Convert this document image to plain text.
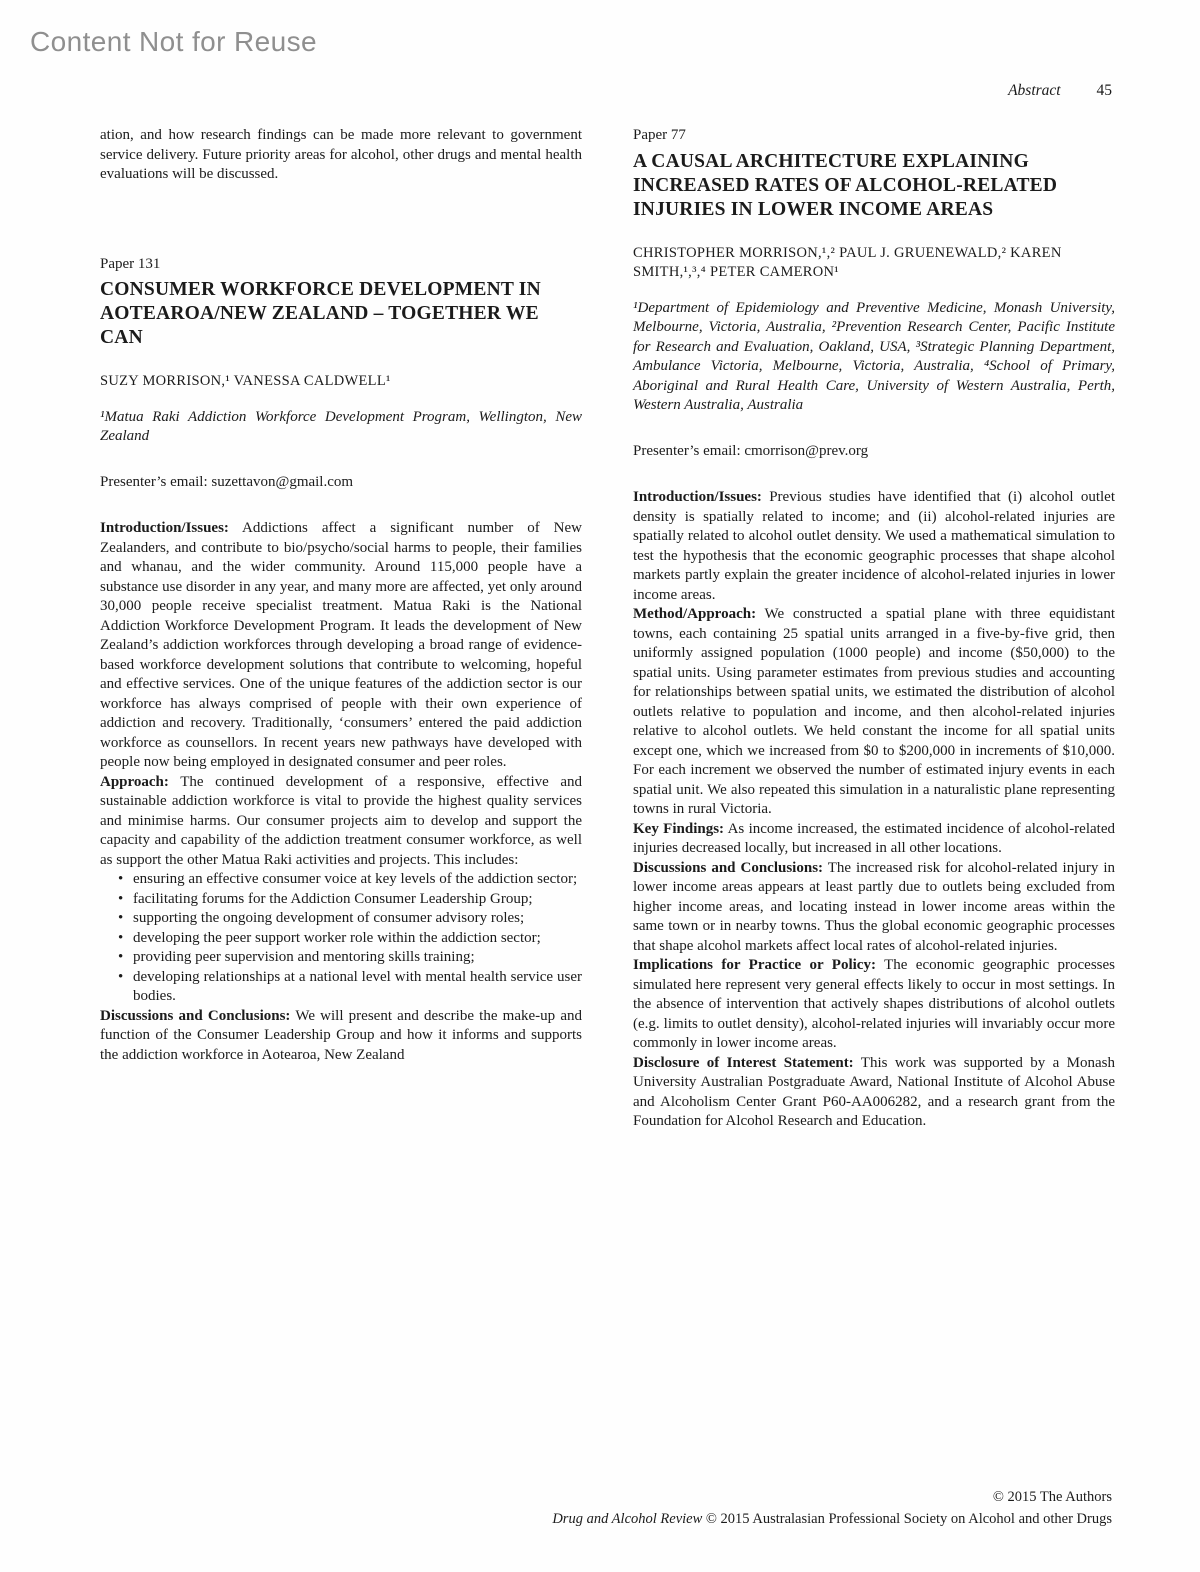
Content Not for Reuse
Abstract 45

ation, and how research findings can be made more relevant to government service delivery. Future priority areas for alcohol, other drugs and mental health evaluations will be discussed.

Paper 131
CONSUMER WORKFORCE DEVELOPMENT IN AOTEAROA/NEW ZEALAND – TOGETHER WE CAN
SUZY MORRISON,¹ VANESSA CALDWELL¹
¹Matua Raki Addiction Workforce Development Program, Wellington, New Zealand
Presenter’s email: suzettavon@gmail.com

Introduction/Issues: Addictions affect a significant number of New Zealanders, and contribute to bio/psycho/social harms to people, their families and whanau, and the wider community. Around 115,000 people have a substance use disorder in any year, and many more are affected, yet only around 30,000 people receive specialist treatment. Matua Raki is the National Addiction Workforce Development Program. It leads the development of New Zealand’s addiction workforces through developing a broad range of evidence-based workforce development solutions that contribute to welcoming, hopeful and effective services. One of the unique features of the addiction sector is our workforce has always comprised of people with their own experience of addiction and recovery. Traditionally, ‘consumers’ entered the paid addiction workforce as counsellors. In recent years new pathways have developed with people now being employed in designated consumer and peer roles.

Approach: The continued development of a responsive, effective and sustainable addiction workforce is vital to provide the highest quality services and minimise harms. Our consumer projects aim to develop and support the capacity and capability of the addiction treatment consumer workforce, as well as support the other Matua Raki activities and projects. This includes:

• ensuring an effective consumer voice at key levels of the addiction sector;
• facilitating forums for the Addiction Consumer Leadership Group;
• supporting the ongoing development of consumer advisory roles;
• developing the peer support worker role within the addiction sector;
• providing peer supervision and mentoring skills training;
• developing relationships at a national level with mental health service user bodies.

Discussions and Conclusions: We will present and describe the make-up and function of the Consumer Leadership Group and how it informs and supports the addiction workforce in Aotearoa, New Zealand

Paper 77
A CAUSAL ARCHITECTURE EXPLAINING INCREASED RATES OF ALCOHOL-RELATED INJURIES IN LOWER INCOME AREAS
CHRISTOPHER MORRISON,¹,² PAUL J. GRUENEWALD,² KAREN SMITH,¹,³,⁴ PETER CAMERON¹
¹Department of Epidemiology and Preventive Medicine, Monash University, Melbourne, Victoria, Australia, ²Prevention Research Center, Pacific Institute for Research and Evaluation, Oakland, USA, ³Strategic Planning Department, Ambulance Victoria, Melbourne, Victoria, Australia, ⁴School of Primary, Aboriginal and Rural Health Care, University of Western Australia, Perth, Western Australia, Australia
Presenter’s email: cmorrison@prev.org

Introduction/Issues: Previous studies have identified that (i) alcohol outlet density is spatially related to income; and (ii) alcohol-related injuries are spatially related to alcohol outlet density. We used a mathematical simulation to test the hypothesis that the economic geographic processes that shape alcohol markets partly explain the greater incidence of alcohol-related injuries in lower income areas.

Method/Approach: We constructed a spatial plane with three equidistant towns, each containing 25 spatial units arranged in a five-by-five grid, then uniformly assigned population (1000 people) and income ($50,000) to the spatial units. Using parameter estimates from previous studies and accounting for relationships between spatial units, we estimated the distribution of alcohol outlets relative to population and income, and then alcohol-related injuries relative to alcohol outlets. We held constant the income for all spatial units except one, which we increased from $0 to $200,000 in increments of $10,000. For each increment we observed the number of estimated injury events in each spatial unit. We also repeated this simulation in a naturalistic plane representing towns in rural Victoria.

Key Findings: As income increased, the estimated incidence of alcohol-related injuries decreased locally, but increased in all other locations.

Discussions and Conclusions: The increased risk for alcohol-related injury in lower income areas appears at least partly due to outlets being excluded from higher income areas, and locating instead in lower income areas within the same town or in nearby towns. Thus the global economic geographic processes that shape alcohol markets affect local rates of alcohol-related injuries.

Implications for Practice or Policy: The economic geographic processes simulated here represent very general effects likely to occur in most settings. In the absence of intervention that actively shapes distributions of alcohol outlets (e.g. limits to outlet density), alcohol-related injuries will invariably occur more commonly in lower income areas.

Disclosure of Interest Statement: This work was supported by a Monash University Australian Postgraduate Award, National Institute of Alcohol Abuse and Alcoholism Center Grant P60-AA006282, and a research grant from the Foundation for Alcohol Research and Education.

© 2015 The Authors
Drug and Alcohol Review © 2015 Australasian Professional Society on Alcohol and other Drugs
